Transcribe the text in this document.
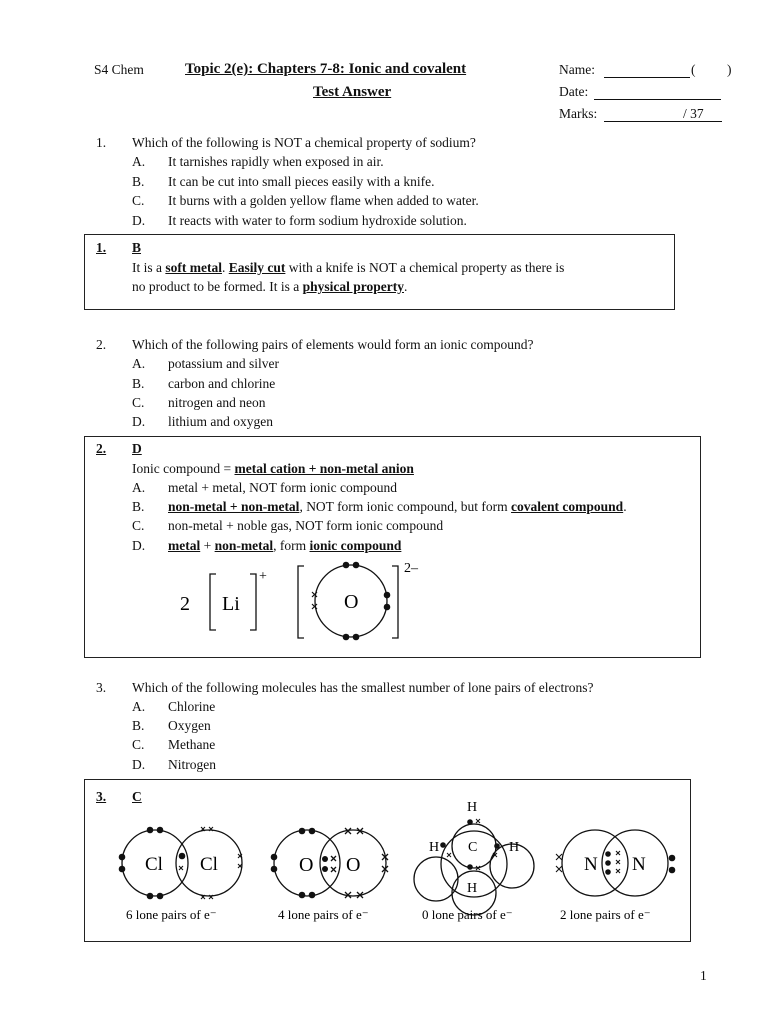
S4 Chem	Topic 2(e): Chapters 7-8: Ionic and covalent
Test Answer
Name:	( )
Date:
Marks:	/ 37
1. Which of the following is NOT a chemical property of sodium?
A. It tarnishes rapidly when exposed in air.
B. It can be cut into small pieces easily with a knife.
C. It burns with a golden yellow flame when added to water.
D. It reacts with water to form sodium hydroxide solution.
1. B
It is a soft metal. Easily cut with a knife is NOT a chemical property as there is
no product to be formed. It is a physical property.
2. Which of the following pairs of elements would form an ionic compound?
A. potassium and silver
B. carbon and chlorine
C. nitrogen and neon
D. lithium and oxygen
2. D
Ionic compound = metal cation + non-metal anion
A. metal + metal, NOT form ionic compound
B. non-metal + non-metal, NOT form ionic compound, but form covalent compound.
C. non-metal + noble gas, NOT form ionic compound
D. metal + non-metal, form ionic compound
2 Li
+
O
2–
3. Which of the following molecules has the smallest number of lone pairs of electrons?
A. Chlorine
B. Oxygen
C. Methane
D. Nitrogen
3. C
Cl Cl
6 lone pairs of e⁻
O O
4 lone pairs of e⁻
H
H C H
H
0 lone pairs of e⁻
N N
2 lone pairs of e⁻
1
